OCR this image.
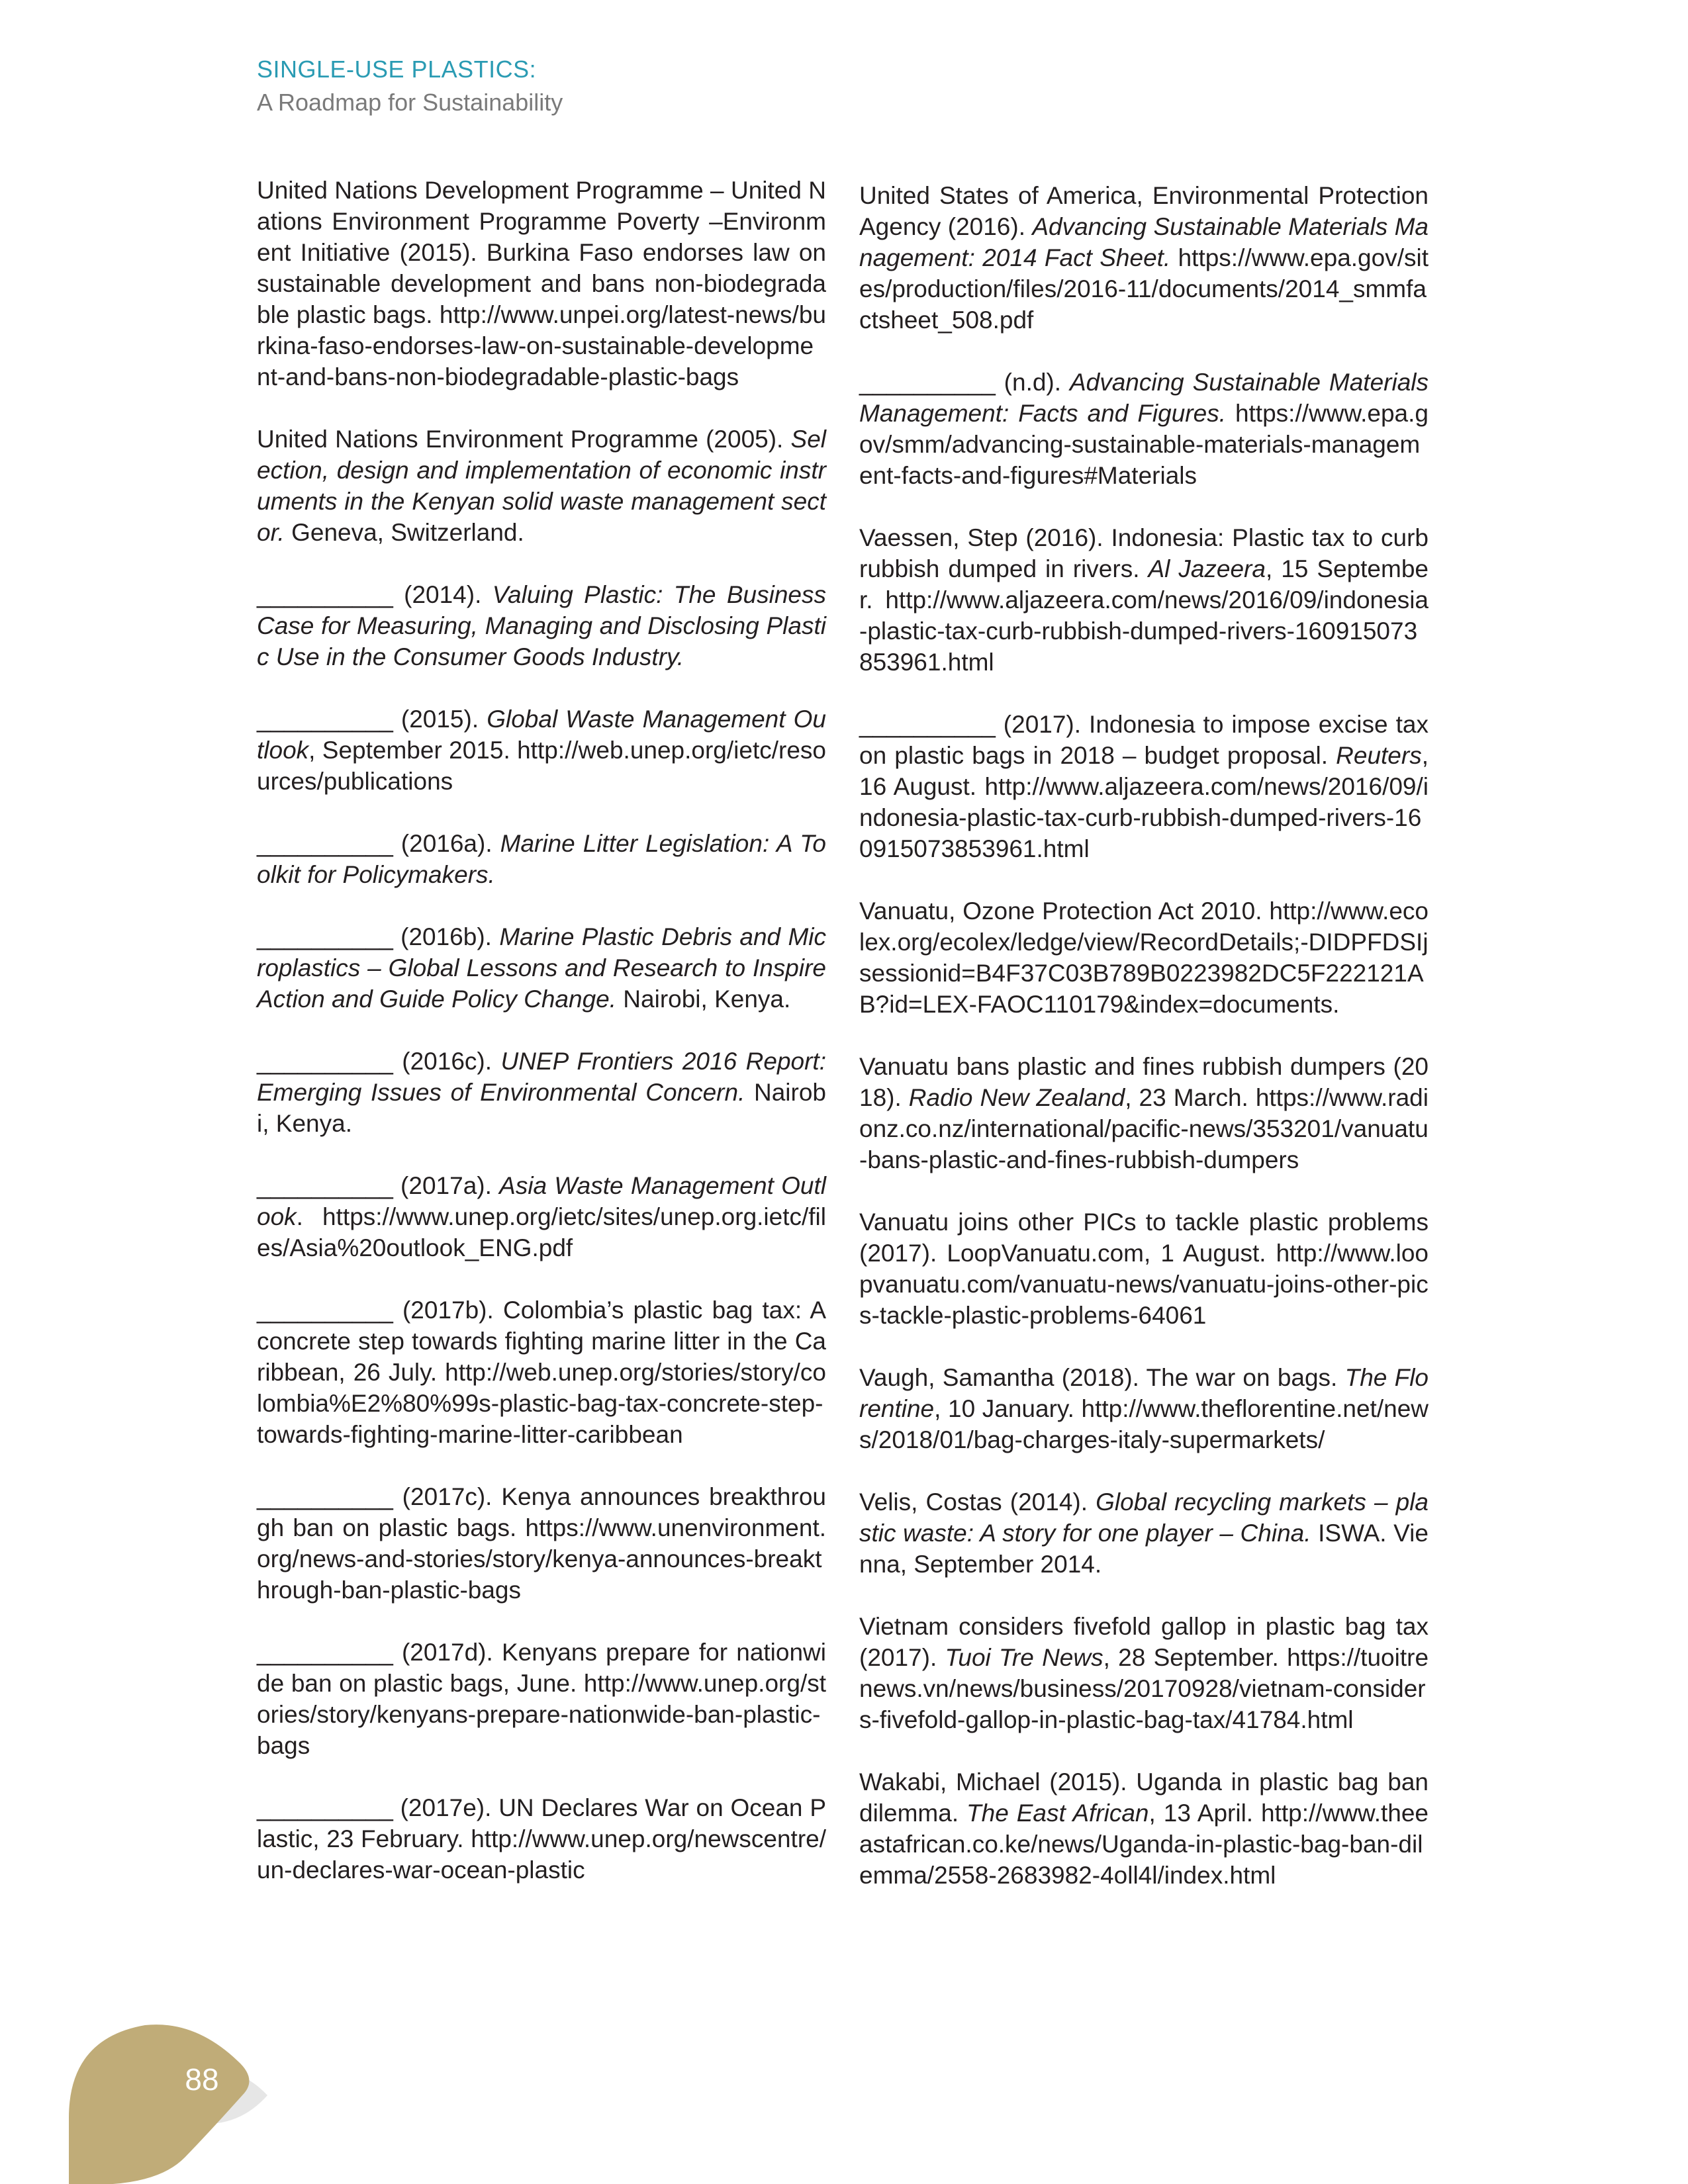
SINGLE-USE PLASTICS:
A Roadmap for Sustainability

United Nations Development Programme – United Nations Environment Programme Poverty –Environment Initiative (2015). Burkina Faso endorses law on sustainable development and bans non-biodegradable plastic bags. http://www.unpei.org/latest-news/burkina-faso-endorses-law-on-sustainable-development-and-bans-non-biodegradable-plastic-bags

United Nations Environment Programme (2005). Selection, design and implementation of economic instruments in the Kenyan solid waste management sector. Geneva, Switzerland.

__________ (2014). Valuing Plastic: The Business Case for Measuring, Managing and Disclosing Plastic Use in the Consumer Goods Industry.

__________ (2015). Global Waste Management Outlook, September 2015. http://web.unep.org/ietc/resources/publications

__________ (2016a). Marine Litter Legislation: A Toolkit for Policymakers.

__________ (2016b). Marine Plastic Debris and Microplastics – Global Lessons and Research to Inspire Action and Guide Policy Change. Nairobi, Kenya.

__________ (2016c). UNEP Frontiers 2016 Report: Emerging Issues of Environmental Concern. Nairobi, Kenya.

__________ (2017a). Asia Waste Management Outlook. https://www.unep.org/ietc/sites/unep.org.ietc/files/Asia%20outlook_ENG.pdf

__________ (2017b). Colombia’s plastic bag tax: A concrete step towards fighting marine litter in the Caribbean, 26 July. http://web.unep.org/stories/story/colombia%E2%80%99s-plastic-bag-tax-concrete-step-towards-fighting-marine-litter-caribbean

__________ (2017c). Kenya announces breakthrough ban on plastic bags. https://www.unenvironment.org/news-and-stories/story/kenya-announces-breakthrough-ban-plastic-bags

__________ (2017d). Kenyans prepare for nationwide ban on plastic bags, June. http://www.unep.org/stories/story/kenyans-prepare-nationwide-ban-plastic-bags

__________ (2017e). UN Declares War on Ocean Plastic, 23 February. http://www.unep.org/newscentre/un-declares-war-ocean-plastic

United States of America, Environmental Protection Agency (2016). Advancing Sustainable Materials Management: 2014 Fact Sheet. https://www.epa.gov/sites/production/files/2016-11/documents/2014_smmfactsheet_508.pdf

__________ (n.d). Advancing Sustainable Materials Management: Facts and Figures. https://www.epa.gov/smm/advancing-sustainable-materials-management-facts-and-figures#Materials

Vaessen, Step (2016). Indonesia: Plastic tax to curb rubbish dumped in rivers. Al Jazeera, 15 September. http://www.aljazeera.com/news/2016/09/indonesia-plastic-tax-curb-rubbish-dumped-rivers-160915073853961.html

__________ (2017). Indonesia to impose excise tax on plastic bags in 2018 – budget proposal. Reuters, 16 August. http://www.aljazeera.com/news/2016/09/indonesia-plastic-tax-curb-rubbish-dumped-rivers-160915073853961.html

Vanuatu, Ozone Protection Act 2010. http://www.ecolex.org/ecolex/ledge/view/RecordDetails;-DIDPFDSIjsessionid=B4F37C03B789B0223982DC5F222121AB?id=LEX-FAOC110179&index=documents.

Vanuatu bans plastic and fines rubbish dumpers (2018). Radio New Zealand, 23 March. https://www.radionz.co.nz/international/pacific-news/353201/vanuatu-bans-plastic-and-fines-rubbish-dumpers

Vanuatu joins other PICs to tackle plastic problems (2017). LoopVanuatu.com, 1 August. http://www.loopvanuatu.com/vanuatu-news/vanuatu-joins-other-pics-tackle-plastic-problems-64061

Vaugh, Samantha (2018). The war on bags. The Florentine, 10 January. http://www.theflorentine.net/news/2018/01/bag-charges-italy-supermarkets/

Velis, Costas (2014). Global recycling markets – plastic waste: A story for one player – China. ISWA. Vienna, September 2014.

Vietnam considers fivefold gallop in plastic bag tax (2017). Tuoi Tre News, 28 September. https://tuoitrenews.vn/news/business/20170928/vietnam-considers-fivefold-gallop-in-plastic-bag-tax/41784.html

Wakabi, Michael (2015). Uganda in plastic bag ban dilemma. The East African, 13 April. http://www.theeastafrican.co.ke/news/Uganda-in-plastic-bag-ban-dilemma/2558-2683982-4oll4l/index.html

88
